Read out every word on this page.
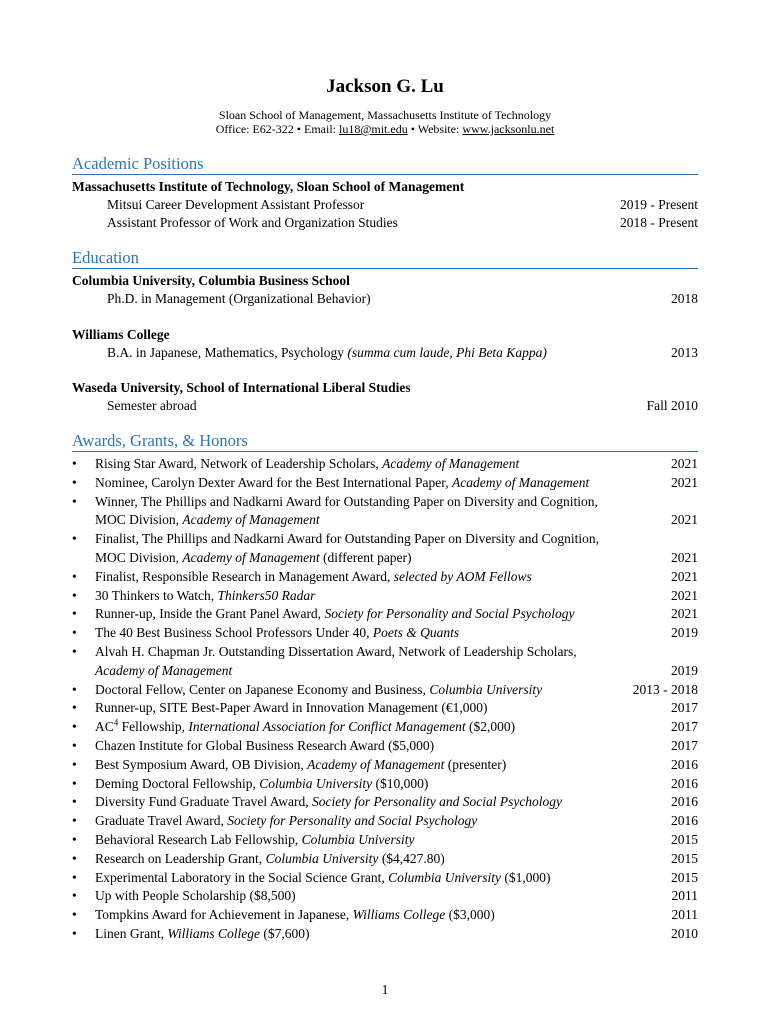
Jackson G. Lu
Sloan School of Management, Massachusetts Institute of Technology
Office: E62-322 • Email: lu18@mit.edu • Website: www.jacksonlu.net
Academic Positions
Massachusetts Institute of Technology, Sloan School of Management
Mitsui Career Development Assistant Professor	2019 - Present
Assistant Professor of Work and Organization Studies	2018 - Present
Education
Columbia University, Columbia Business School
Ph.D. in Management (Organizational Behavior)	2018
Williams College
B.A. in Japanese, Mathematics, Psychology (summa cum laude, Phi Beta Kappa)	2013
Waseda University, School of International Liberal Studies
Semester abroad	Fall 2010
Awards, Grants, & Honors
• Rising Star Award, Network of Leadership Scholars, Academy of Management	2021
• Nominee, Carolyn Dexter Award for the Best International Paper, Academy of Management	2021
• Winner, The Phillips and Nadkarni Award for Outstanding Paper on Diversity and Cognition,
MOC Division, Academy of Management	2021
• Finalist, The Phillips and Nadkarni Award for Outstanding Paper on Diversity and Cognition,
MOC Division, Academy of Management (different paper)	2021
• Finalist, Responsible Research in Management Award, selected by AOM Fellows	2021
• 30 Thinkers to Watch, Thinkers50 Radar	2021
• Runner-up, Inside the Grant Panel Award, Society for Personality and Social Psychology	2021
• The 40 Best Business School Professors Under 40, Poets & Quants	2019
• Alvah H. Chapman Jr. Outstanding Dissertation Award, Network of Leadership Scholars,
Academy of Management	2019
• Doctoral Fellow, Center on Japanese Economy and Business, Columbia University	2013 - 2018
• Runner-up, SITE Best-Paper Award in Innovation Management (€1,000)	2017
• $AC^4$ Fellowship, International Association for Conflict Management ($2,000)	2017
• Chazen Institute for Global Business Research Award ($5,000)	2017
• Best Symposium Award, OB Division, Academy of Management (presenter)	2016
• Deming Doctoral Fellowship, Columbia University ($10,000)	2016
• Diversity Fund Graduate Travel Award, Society for Personality and Social Psychology	2016
• Graduate Travel Award, Society for Personality and Social Psychology	2016
• Behavioral Research Lab Fellowship, Columbia University	2015
• Research on Leadership Grant, Columbia University ($4,427.80)	2015
• Experimental Laboratory in the Social Science Grant, Columbia University ($1,000)	2015
• Up with People Scholarship ($8,500)	2011
• Tompkins Award for Achievement in Japanese, Williams College ($3,000)	2011
• Linen Grant, Williams College ($7,600)	2010
1
